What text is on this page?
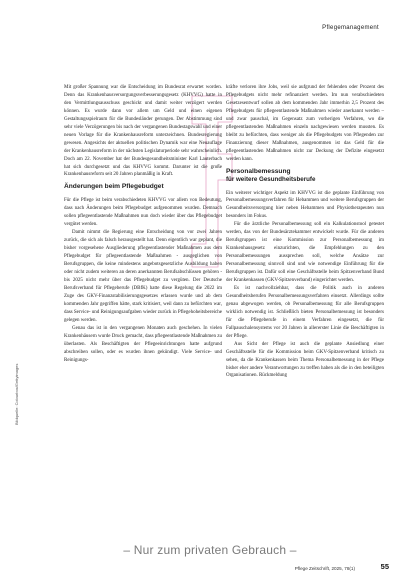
Pflegemanagement
Bildquelle: Colourbox/Gettyimages

Mit großer Spannung war die Entscheidung im Bundesrat erwartet worden. Denn das Krankenhausversorgungsverbesserungsgesetz (KHVVG) hatte in den Vermittlungsausschuss geschickt und damit weiter verzögert werden können. Es wurde dann vor allem um Geld und einen eigenen Gestaltungsspielraum für die Bundesländer gerungen. Der Abstimmung sind sehr viele Verzögerungen bis nach der vergangenen Bundestagswahl und einer neuen Vorlage für die Krankenhausreform unterzeichnen. Bundesregierung gewesen. Angesichts der aktuellen politischen Dynamik war eine Neuauflage der Krankenhausreform in der nächsten Legislaturperiode sehr wahrscheinlich. Doch am 22. November hat der Bundesgesundheitsminister Karl Lauterbach hat sich durchgesetzt und das KHVVG kommt. Darunter ist die große Krankenhausreform seit 20 Jahren planmäßig in Kraft.

Änderungen beim Pflegebudget

Für die Pflege ist beim verabschiedeten KHVVG vor allem von Bedeutung, dass nach Änderungen beim Pflegebudget aufgenommen wurden. Demnach sollen pflegeentlastende Maßnahmen nun doch wieder über das Pflegebudget vergütet werden.

Damit nimmt die Regierung eine Entscheidung von vor zwei Jahren zurück, die sich als falsch herausgestellt hat. Denn eigentlich war geplant, die bisher vorgesehene Ausgliederung pflegeentlastender Maßnahmen aus dem Pflegebudget für pflegeentlastende Maßnahmen - ausgeglichen von Berufsgruppen, die keine mindestens angebotsgesetzliche Ausbildung haben oder nicht zudem weiteren an deren anerkannten Berufsabschlüssen gehören - bis 2025 nicht mehr über das Pflegebudget zu vergüten. Der Deutsche Berufsverband für Pflegeberufe (DBfK) hatte diese Regelung die 2022 im Zuge des GKV-Finanzstabilisierungsgesetzes erlassen wurde und ab dem kommenden Jahr gegriffen hätte, stark kritisiert, weil dann zu befürchten war, dass Service- und Reinigungsaufgaben wieder zurück in Pflegehoheitsbereiche gelegen werden.

Genau das ist in den vergangenen Monaten auch geschehen. In vielen Krankenhäusern wurde Druck gemacht, dass pflegeentlastende Maßnahmen zu überlasten. Als Beschäftigten der Pflegeeinrichtungen hatte aufgrund abschreiben sollen, oder es wurden ihnen gekündigt. Viele Service- und Reinigungs-

kräfte verloren ihre Jobs, weil sie aufgrund der fehlenden oder Prozent des Pflegebudgets nicht mehr refinanziert werden. Im nun verabschiedeten Gesetzesentwurf sollen ab dem kommenden Jahr immerhin 2,5 Prozent des Pflegebudgets für pflegeentlastende Maßnahmen wieder anerkannt werden – und zwar pauschal, im Gegensatz zum vorherigen Verfahren, wo die pflegeentlastenden Maßnahmen einzeln nachgewiesen werden mussten. Es bleibt zu befürchten, dass weniger als die Pflegebudgets von Pflegenden zur Finanzierung dieser Maßnahmen, ausgenommen ist das Geld für die pflegeentlastenden Maßnahmen nicht zur Deckung der Defizite eingesetzt werden kann.

Personalbemessung
für weitere Gesundheitsberufe

Ein weiterer wichtiger Aspekt im KHVVG ist die geplante Einführung von Personalbemessungsverfahren für Hebammen und weitere Berufsgruppen der Gesundheitsversorgung hier neben Hebammen und Physiotherapeuten nun besonders im Fokus.

Für die ärztliche Personalbemessung soll ein Kalkulationstool getestet werden, das von der Bundesärztekammer entwickelt wurde. Für die anderen Berufsgruppen ist eine Kommission zur Personalbemessung im Krankenhausgesetz einzurichten, die Empfehlungen zu den Personalbemessungen aussprechen soll, welche Ansätze zur Personalbemessung sinnvoll sind und wie notwendige Einführung für die Berufsgruppen ist. Dafür soll eine Geschäftsstelle beim Spitzenverband Bund der Krankenkassen (GKV-Spitzenverband) eingerichtet werden.

Es ist nachvollziehbar, dass die Politik auch in anderen Gesundheitsberufen Personalbemessungsverfahren einsetzt. Allerdings sollte genau abgewogen werden, ob Personalbemessung für alle Berufsgruppen wirklich notwendig ist. Schließlich bieten Personalbemessung ist besonders für die Pflegeberufe in einem Verfahren eingesetzt, die für Fallpauschalensystems vor 20 Jahren in allererster Linie die Beschäftigten in der Pflege.

Aus Sicht der Pflege ist auch die geplante Ansiedlung einer Geschäftsstelle für die Kommission beim GKV-Spitzenverband kritisch zu sehen, da die Krankenkassen beim Thema Personalbemessung in der Pflege bisher eher andere Verantwortungen zu treffen haben als die in den beteiligten Organisationen. Rückmeldung

– Nur zum privaten Gebrauch –
Pflege Zeitschrift, 2025, 78(1)	55
